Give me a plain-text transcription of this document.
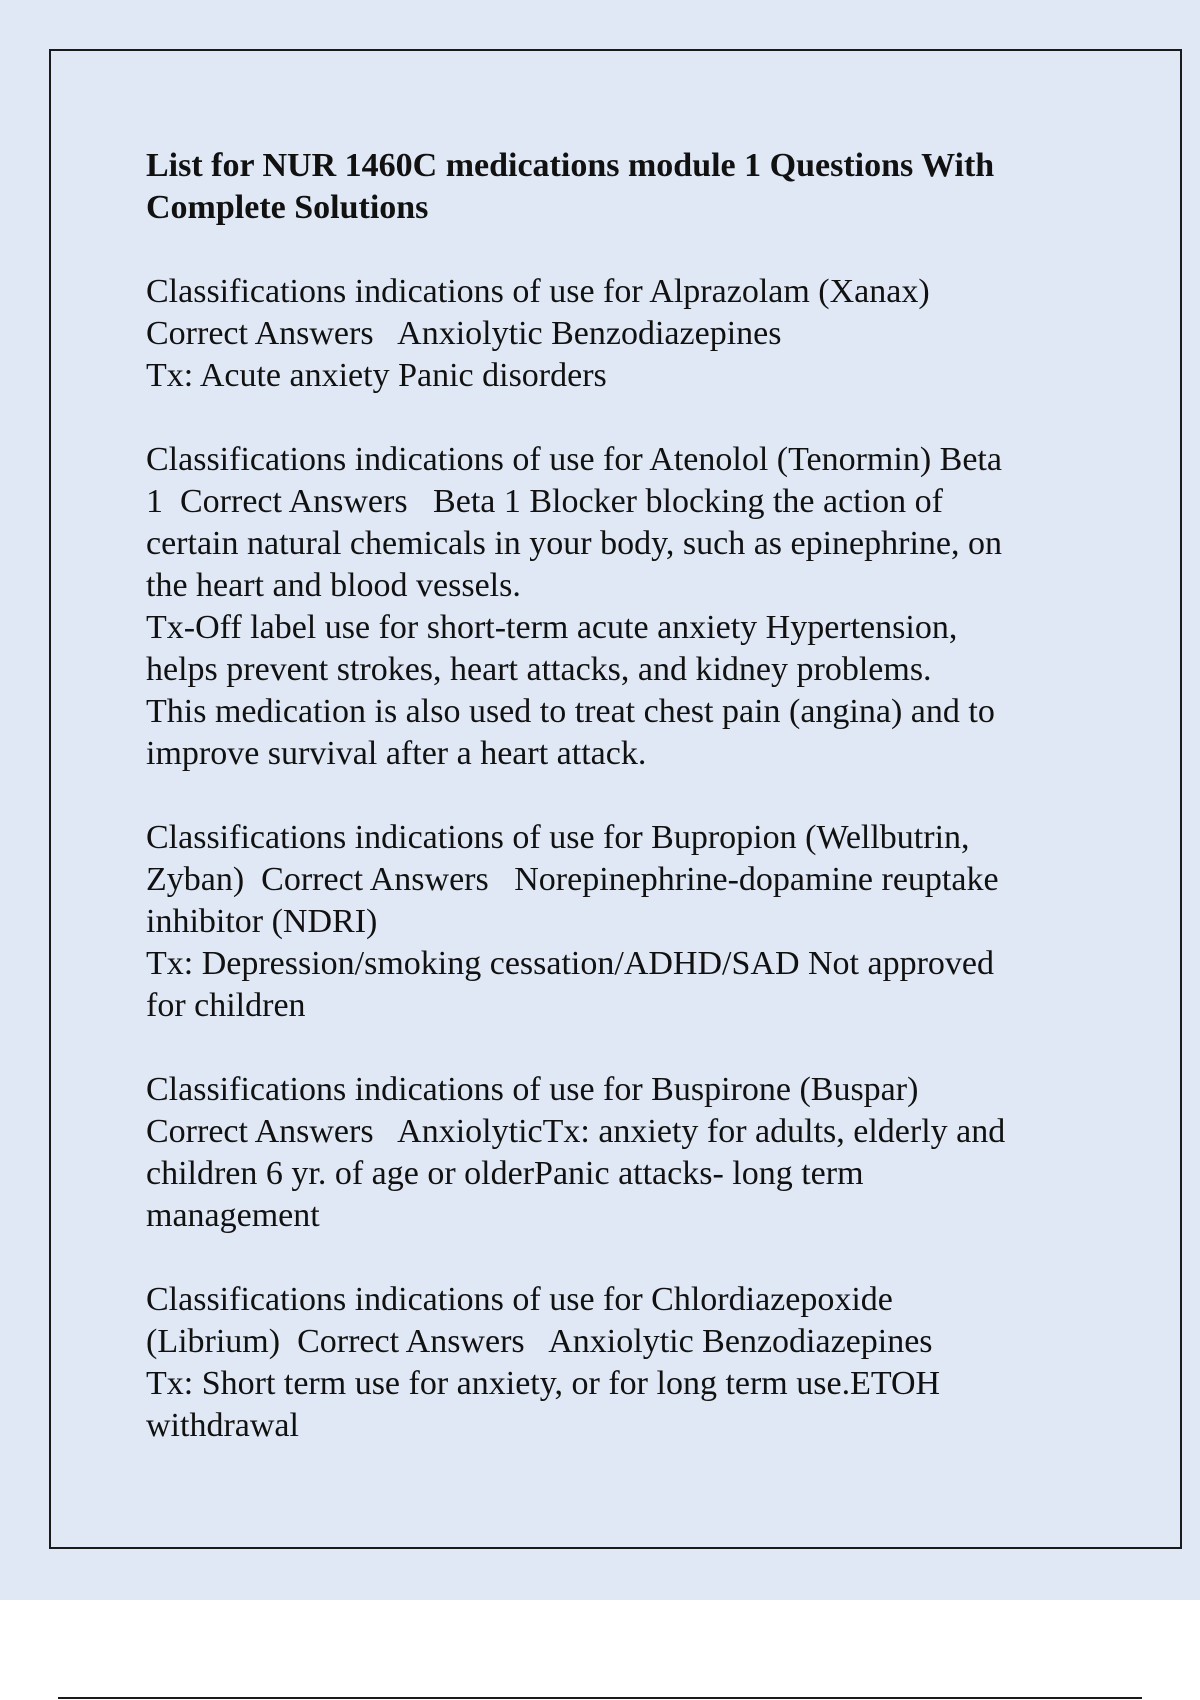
List for NUR 1460C medications module 1 Questions With
Complete Solutions
Classifications indications of use for Alprazolam (Xanax)
Correct Answers   Anxiolytic Benzodiazepines
Tx: Acute anxiety Panic disorders
Classifications indications of use for Atenolol (Tenormin) Beta
1  Correct Answers   Beta 1 Blocker blocking the action of
certain natural chemicals in your body, such as epinephrine, on
the heart and blood vessels.
Tx-Off label use for short-term acute anxiety Hypertension,
helps prevent strokes, heart attacks, and kidney problems.
This medication is also used to treat chest pain (angina) and to
improve survival after a heart attack.
Classifications indications of use for Bupropion (Wellbutrin,
Zyban)  Correct Answers   Norepinephrine-dopamine reuptake
inhibitor (NDRI)
Tx: Depression/smoking cessation/ADHD/SAD Not approved
for children
Classifications indications of use for Buspirone (Buspar)
Correct Answers   AnxiolyticTx: anxiety for adults, elderly and
children 6 yr. of age or olderPanic attacks- long term
management
Classifications indications of use for Chlordiazepoxide
(Librium)  Correct Answers   Anxiolytic Benzodiazepines
Tx: Short term use for anxiety, or for long term use.ETOH
withdrawal
